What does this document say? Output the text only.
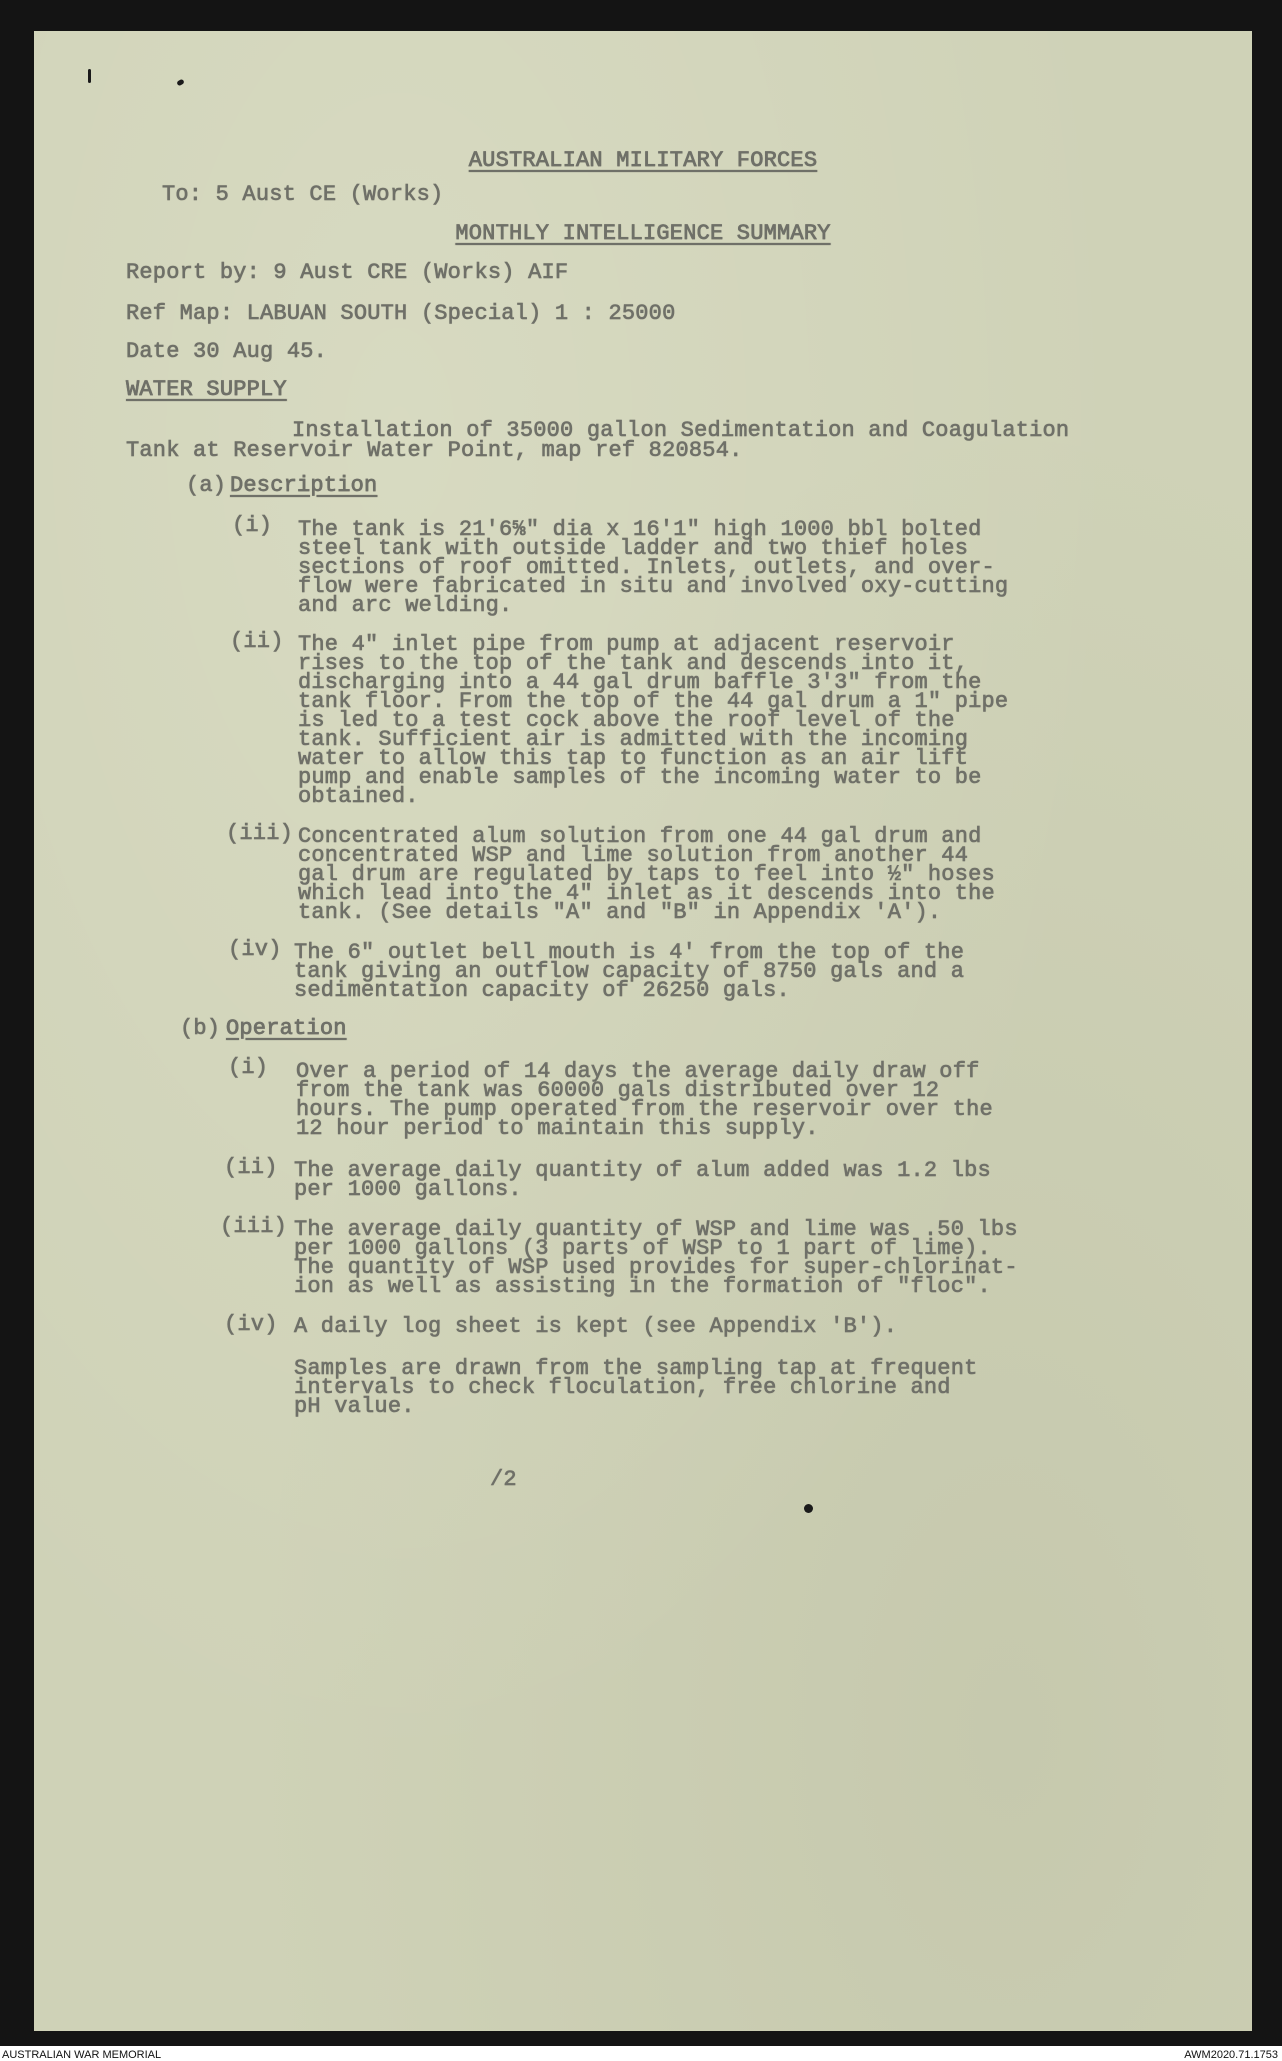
AUSTRALIAN MILITARY FORCES
To: 5 Aust CE (Works)
MONTHLY INTELLIGENCE SUMMARY
Report by: 9 Aust CRE (Works) AIF
Ref Map: LABUAN SOUTH (Special) 1 : 25000
Date 30 Aug 45.
WATER SUPPLY
Installation of 35000 gallon Sedimentation and Coagulation
Tank at Reservoir Water Point, map ref 820854.
(a) Description
(i) The tank is 21'6⅝" dia x 16'1" high 1000 bbl bolted
steel tank with outside ladder and two thief holes
sections of roof omitted. Inlets, outlets, and over-
flow were fabricated in situ and involved oxy-cutting
and arc welding.
(ii) The 4" inlet pipe from pump at adjacent reservoir
rises to the top of the tank and descends into it,
discharging into a 44 gal drum baffle 3'3" from the
tank floor. From the top of the 44 gal drum a 1" pipe
is led to a test cock above the roof level of the
tank. Sufficient air is admitted with the incoming
water to allow this tap to function as an air lift
pump and enable samples of the incoming water to be
obtained.
(iii) Concentrated alum solution from one 44 gal drum and
concentrated WSP and lime solution from another 44
gal drum are regulated by taps to feel into ½" hoses
which lead into the 4" inlet as it descends into the
tank. (See details "A" and "B" in Appendix 'A').
(iv) The 6" outlet bell mouth is 4' from the top of the
tank giving an outflow capacity of 8750 gals and a
sedimentation capacity of 26250 gals.
(b) Operation
(i) Over a period of 14 days the average daily draw off
from the tank was 60000 gals distributed over 12
hours. The pump operated from the reservoir over the
12 hour period to maintain this supply.
(ii) The average daily quantity of alum added was 1.2 lbs
per 1000 gallons.
(iii) The average daily quantity of WSP and lime was .50 lbs
per 1000 gallons (3 parts of WSP to 1 part of lime).
The quantity of WSP used provides for super-chlorinat-
ion as well as assisting in the formation of "floc".
(iv) A daily log sheet is kept (see Appendix 'B').
Samples are drawn from the sampling tap at frequent
intervals to check floculation, free chlorine and
pH value.
/2
AUSTRALIAN WAR MEMORIAL	AWM2020.71.1753
